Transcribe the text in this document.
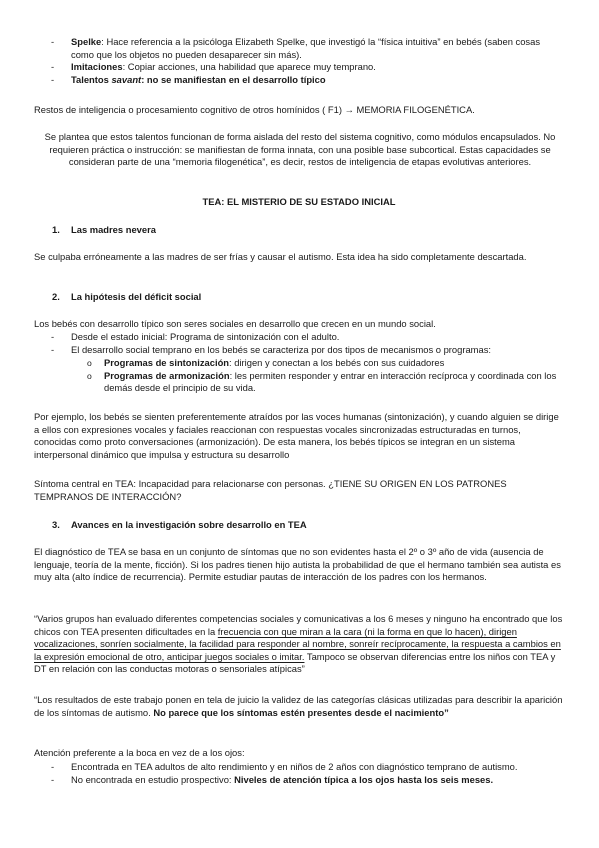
- Spelke: Hace referencia a la psicóloga Elizabeth Spelke, que investigó la “física intuitiva” en bebés (saben cosas como que los objetos no pueden desaparecer sin más).
- Imitaciones: Copiar acciones, una habilidad que aparece muy temprano.
- Talentos savant: no se manifiestan en el desarrollo típico

Restos de inteligencia o procesamiento cognitivo de otros homínidos ( F1) → MEMORIA FILOGENÉTICA.

Se plantea que estos talentos funcionan de forma aislada del resto del sistema cognitivo, como módulos encapsulados. No requieren práctica o instrucción: se manifiestan de forma innata, con una posible base subcortical. Estas capacidades se consideran parte de una “memoria filogenética”, es decir, restos de inteligencia de etapas evolutivas anteriores.

TEA: EL MISTERIO DE SU ESTADO INICIAL

1. Las madres nevera

Se culpaba erróneamente a las madres de ser frías y causar el autismo. Esta idea ha sido completamente descartada.

2. La hipótesis del déficit social

Los bebés con desarrollo típico son seres sociales en desarrollo que crecen en un mundo social.

- Desde el estado inicial: Programa de sintonización con el adulto.
- El desarrollo social temprano en los bebés se caracteriza por dos tipos de mecanismos o programas:
o Programas de sintonización: dirigen y conectan a los bebés con sus cuidadores
o Programas de armonización: les permiten responder y entrar en interacción recíproca y coordinada con los demás desde el principio de su vida.

Por ejemplo, los bebés se sienten preferentemente atraídos por las voces humanas (sintonización), y cuando alguien se dirige a ellos con expresiones vocales y faciales reaccionan con respuestas vocales sincronizadas estructuradas en turnos, conocidas como proto conversaciones (armonización). De esta manera, los bebés típicos se integran en un sistema interpersonal dinámico que impulsa y estructura su desarrollo

Síntoma central en TEA: Incapacidad para relacionarse con personas. ¿TIENE SU ORIGEN EN LOS PATRONES TEMPRANOS DE INTERACCIÓN?

3. Avances en la investigación sobre desarrollo en TEA

El diagnóstico de TEA se basa en un conjunto de síntomas que no son evidentes hasta el 2º o 3º año de vida (ausencia de lenguaje, teoría de la mente, ficción). Si los padres tienen hijo autista la probabilidad de que el hermano también sea autista es muy alta (alto índice de recurrencia). Permite estudiar pautas de interacción de los padres con los hermanos.

“Varios grupos han evaluado diferentes competencias sociales y comunicativas a los 6 meses y ninguno ha encontrado que los chicos con TEA presenten dificultades en la frecuencia con que miran a la cara (ni la forma en que lo hacen), dirigen vocalizaciones, sonríen socialmente, la facilidad para responder al nombre, sonreír recíprocamente, la respuesta a cambios en la expresión emocional de otro, anticipar juegos sociales o imitar. Tampoco se observan diferencias entre los niños con TEA y DT en relación con las conductas motoras o sensoriales atípicas”

“Los resultados de este trabajo ponen en tela de juicio la validez de las categorías clásicas utilizadas para describir la aparición de los síntomas de autismo. No parece que los síntomas estén presentes desde el nacimiento”

Atención preferente a la boca en vez de a los ojos:

- Encontrada en TEA adultos de alto rendimiento y en niños de 2 años con diagnóstico temprano de autismo.
- No encontrada en estudio prospectivo: Niveles de atención típica a los ojos hasta los seis meses.
